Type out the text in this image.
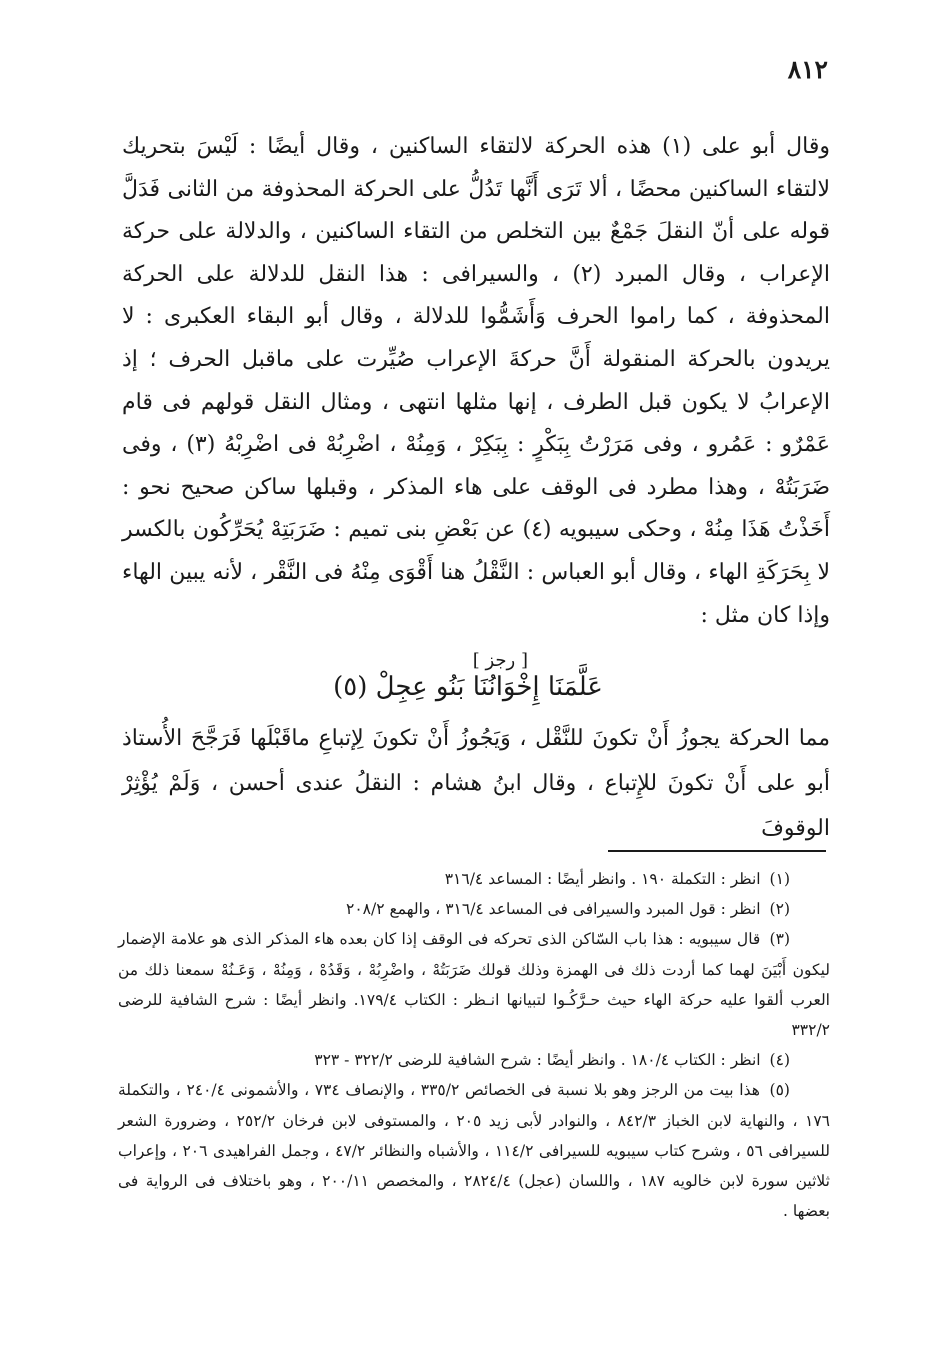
٨١٢

وقال أبو على (١) هذه الحركة لالتقاء الساكنين ، وقال أيضًا : لَيْسَ بتحريك لالتقاء الساكنين محضًا ، ألا تَرَى أَنَّها تَدُلُّ على الحركة المحذوفة من الثانى فَدَلَّ قوله على أنّ النقلَ جَمْعٌ بين التخلص من التقاء الساكنين ، والدلالة على حركة الإعراب ، وقال المبرد (٢) ، والسيرافى : هذا النقل للدلالة على الحركة المحذوفة ، كما راموا الحرف وَأَشَمُّوا للدلالة ، وقال أبو البقاء العكبرى : لا يريدون بالحركة المنقولة أَنَّ حركةَ الإعراب صُيِّرت على ماقبل الحرف ؛ إذ الإعرابُ لا يكون قبل الطرف ، إنها مثلها انتهى ، ومثال النقل قولهم فى قام عَمْرٌو : عَمُرو ، وفى مَرَرْتُ بِبَكْرٍ : بِبَكِرْ ، وَمِنُهْ ، اضْرِبُهْ فى اضْرِبْهُ (٣) ، وفى ضَرَبَتُهْ ، وهذا مطرد فى الوقف على هاء المذكر ، وقبلها ساكن صحيح نحو : أَخَذْتُ هَذَا مِنُهْ ، وحكى سيبويه (٤) عن بَعْضِ بنى تميم : ضَرَبَتِهْ يُحَرِّكُون بالكسر لا بِحَرَكَةِ الهاء ، وقال أبو العباس : النَّقْلُ هنا أَقْوَى مِنْهُ فى النَّقْر ، لأنه يبين الهاء وإذا كان مثل :

[ رجز ]
عَلَّمَنَا إِخْوَانُنَا بَنُو عِجِلْ (٥)

مما الحركة يجوزُ أَنْ تكونَ للنَّقْل ، وَيَجُوزُ أَنْ تكونَ لِإتباعِ ماقَبْلَها فَرَجَّحَ الأُستاذ أبو على أَنْ تكونَ للإِتباع ، وقال ابنُ هشام : النقلُ عندى أحسن ، وَلَمْ يُؤْثِرْ الوقوفَ

(١) انظر : التكملة ١٩٠ . وانظر أيضًا : المساعد ٣١٦/٤

(٢) انظر : قول المبرد والسيرافى فى المساعد ٣١٦/٤ ، والهمع ٢٠٨/٢

(٣) قال سيبويه : هذا باب السّاكن الذى تحركه فى الوقف إذا كان بعده هاء المذكر الذى هو علامة الإضمار ليكون أَبْيَنَ لهما كما أردت ذلك فى الهمزة وذلك قولك ضَرَبَتُهْ ، واضْرِبُهْ ، وَقَدُهْ ، وَمِنُهْ ، وَعَـنُهْ سمعنا ذلك من العرب ألقوا عليه حركة الهاء حيث حـرَّكُـوا لتبيانها انـظر : الكتاب ١٧٩/٤. وانظر أيضًا : شرح الشافية للرضى ٣٣٢/٢

(٤) انظر : الكتاب ١٨٠/٤ . وانظر أيضًا : شرح الشافية للرضى ٣٢٢/٢ - ٣٢٣

(٥) هذا بيت من الرجز وهو بلا نسبة فى الخصائص ٣٣٥/٢ ، والإنصاف ٧٣٤ ، والأشمونى ٢٤٠/٤ ، والتكملة ١٧٦ ، والنهاية لابن الخباز ٨٤٢/٣ ، والنوادر لأبى زيد ٢٠٥ ، والمستوفى لابن فرخان ٢٥٢/٢ ، وضرورة الشعر للسيرافى ٥٦ ، وشرح كتاب سيبويه للسيرافى ١١٤/٢ ، والأشباه والنظائر ٤٧/٢ ، وجمل الفراهيدى ٢٠٦ ، وإعراب ثلاثين سورة لابن خالويه ١٨٧ ، واللسان (عجل) ٢٨٢٤/٤ ، والمخصص ٢٠٠/١١ ، وهو باختلاف فى الرواية فى بعضها .
